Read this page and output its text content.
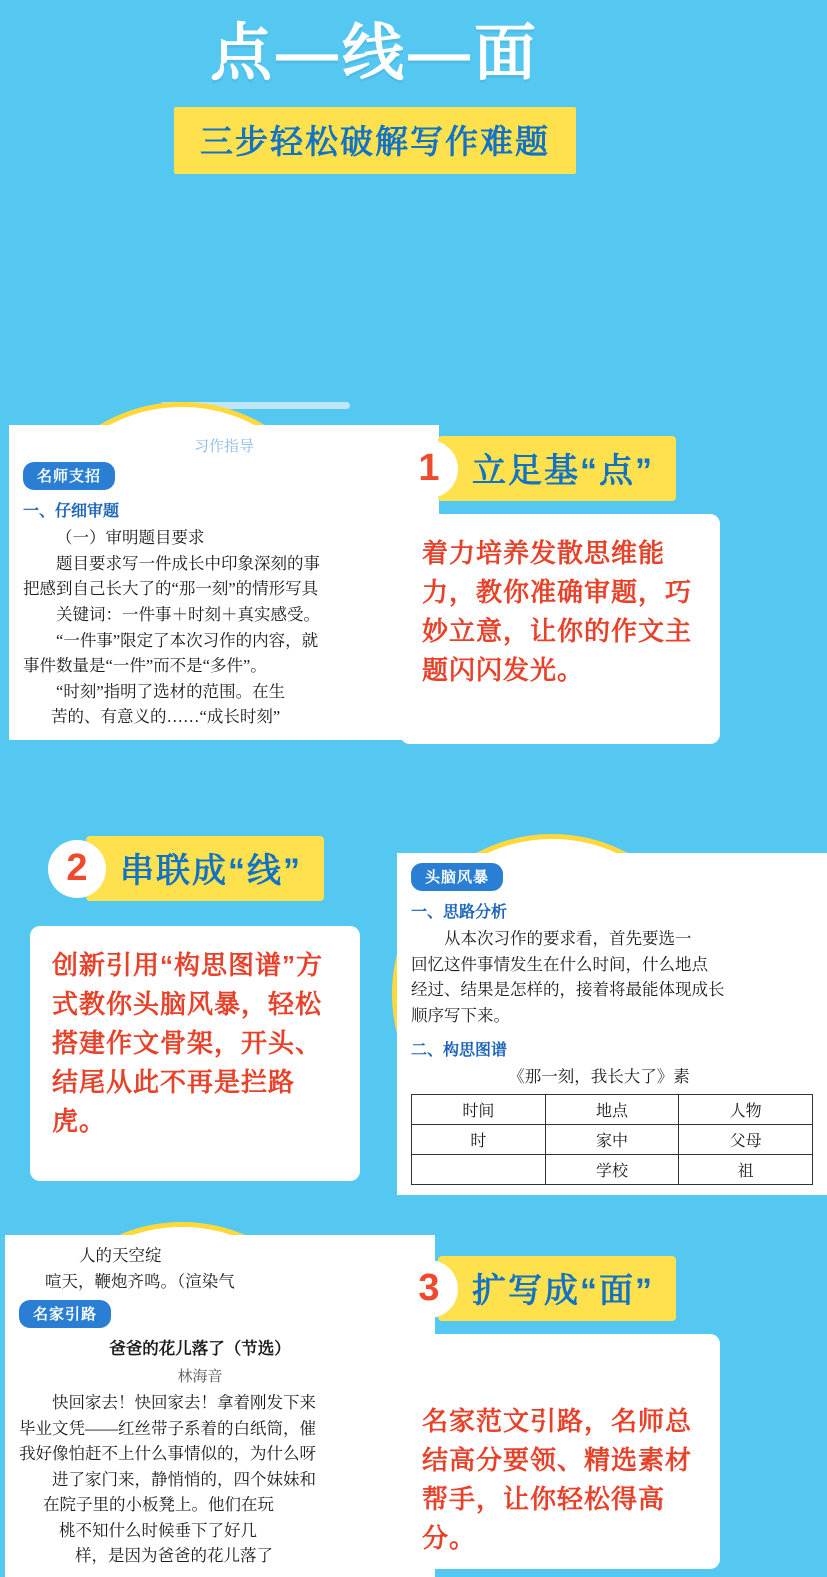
点—线—面
三步轻松破解写作难题
习作指导
名师支招
一、仔细审题
（一）审明题目要求
题目要求写一件成长中印象深刻的事
把感到自己长大了的“那一刻”的情形写具
关键词：一件事＋时刻＋真实感受。
“一件事”限定了本次习作的内容，就
事件数量是“一件”而不是“多件”。
“时刻”指明了选材的范围。在生
苦的、有意义的……“成长时刻”
1 立足基“点”
着力培养发散思维能力，教你准确审题，巧妙立意，让你的作文主题闪闪发光。
2 串联成“线”
创新引用“构思图谱”方式教你头脑风暴，轻松搭建作文骨架，开头、结尾从此不再是拦路虎。
头脑风暴
一、思路分析
从本次习作的要求看，首先要选一
回忆这件事情发生在什么时间，什么地点
经过、结果是怎样的，接着将最能体现成长
顺序写下来。
二、构思图谱
《那一刻，我长大了》素
时间	地点	人物
时	家中	父母
	学校	祖
人的天空绽
喧天，鞭炮齐鸣。（渲染气
名家引路
爸爸的花儿落了（节选）
林海音
快回家去！快回家去！拿着刚发下来
毕业文凭——红丝带子系着的白纸筒，催
我好像怕赶不上什么事情似的，为什么呀
进了家门来，静悄悄的，四个妹妹和
在院子里的小板凳上。他们在玩
桃不知什么时候垂下了好几
样，是因为爸爸的花儿落了
3 扩写成“面”
名家范文引路，名师总结高分要领、精选素材帮手，让你轻松得高分。
